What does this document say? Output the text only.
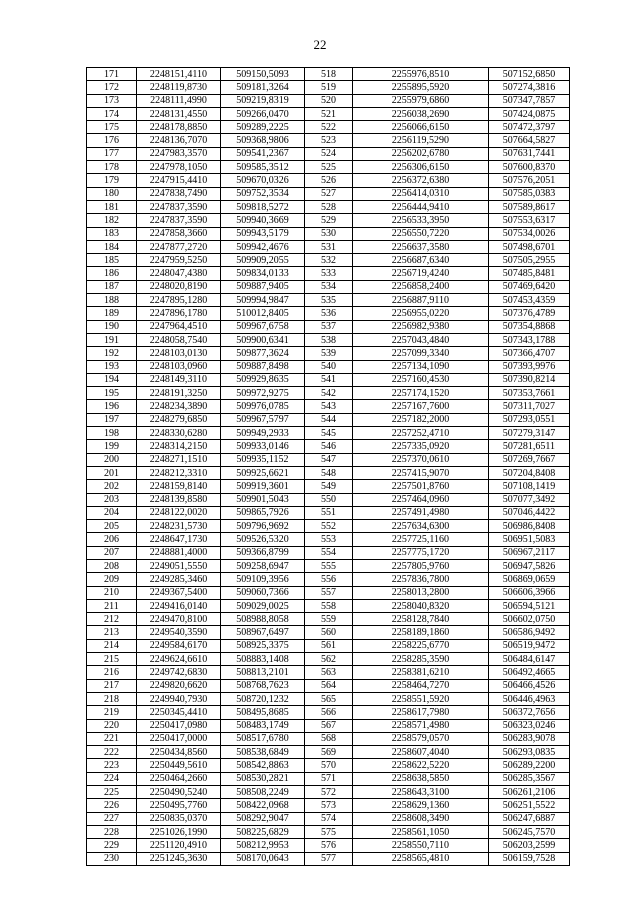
22
171	2248151,4110	509150,5093	518	2255976,8510	507152,6850
172	2248119,8730	509181,3264	519	2255895,5920	507274,3816
173	2248111,4990	509219,8319	520	2255979,6860	507347,7857
174	2248131,4550	509266,0470	521	2256038,2690	507424,0875
175	2248178,8850	509289,2225	522	2256066,6150	507472,3797
176	2248136,7070	509368,9806	523	2256119,5290	507664,5827
177	2247983,3570	509541,2367	524	2256202,6780	507631,7441
178	2247978,1050	509585,3512	525	2256306,6150	507600,8370
179	2247915,4410	509670,0326	526	2256372,6380	507576,2051
180	2247838,7490	509752,3534	527	2256414,0310	507585,0383
181	2247837,3590	509818,5272	528	2256444,9410	507589,8617
182	2247837,3590	509940,3669	529	2256533,3950	507553,6317
183	2247858,3660	509943,5179	530	2256550,7220	507534,0026
184	2247877,2720	509942,4676	531	2256637,3580	507498,6701
185	2247959,5250	509909,2055	532	2256687,6340	507505,2955
186	2248047,4380	509834,0133	533	2256719,4240	507485,8481
187	2248020,8190	509887,9405	534	2256858,2400	507469,6420
188	2247895,1280	509994,9847	535	2256887,9110	507453,4359
189	2247896,1780	510012,8405	536	2256955,0220	507376,4789
190	2247964,4510	509967,6758	537	2256982,9380	507354,8868
191	2248058,7540	509900,6341	538	2257043,4840	507343,1788
192	2248103,0130	509877,3624	539	2257099,3340	507366,4707
193	2248103,0960	509887,8498	540	2257134,1090	507393,9976
194	2248149,3110	509929,8635	541	2257160,4530	507390,8214
195	2248191,3250	509972,9275	542	2257174,1520	507353,7661
196	2248234,3890	509976,0785	543	2257167,7600	507311,7027
197	2248279,6850	509967,5797	544	2257182,2000	507293,0551
198	2248330,6280	509949,2933	545	2257252,4710	507279,3147
199	2248314,2150	509933,0146	546	2257335,0920	507281,6511
200	2248271,1510	509935,1152	547	2257370,0610	507269,7667
201	2248212,3310	509925,6621	548	2257415,9070	507204,8408
202	2248159,8140	509919,3601	549	2257501,8760	507108,1419
203	2248139,8580	509901,5043	550	2257464,0960	507077,3492
204	2248122,0020	509865,7926	551	2257491,4980	507046,4422
205	2248231,5730	509796,9692	552	2257634,6300	506986,8408
206	2248647,1730	509526,5320	553	2257725,1160	506951,5083
207	2248881,4000	509366,8799	554	2257775,1720	506967,2117
208	2249051,5550	509258,6947	555	2257805,9760	506947,5826
209	2249285,3460	509109,3956	556	2257836,7800	506869,0659
210	2249367,5400	509060,7366	557	2258013,2800	506606,3966
211	2249416,0140	509029,0025	558	2258040,8320	506594,5121
212	2249470,8100	508988,8058	559	2258128,7840	506602,0750
213	2249540,3590	508967,6497	560	2258189,1860	506586,9492
214	2249584,6170	508925,3375	561	2258225,6770	506519,9472
215	2249624,6610	508883,1408	562	2258285,3590	506484,6147
216	2249742,6830	508813,2101	563	2258381,6210	506492,4665
217	2249820,6620	508768,7623	564	2258464,7270	506466,4526
218	2249940,7930	508720,1232	565	2258551,5920	506446,4963
219	2250345,4410	508495,8685	566	2258617,7980	506372,7656
220	2250417,0980	508483,1749	567	2258571,4980	506323,0246
221	2250417,0000	508517,6780	568	2258579,0570	506283,9078
222	2250434,8560	508538,6849	569	2258607,4040	506293,0835
223	2250449,5610	508542,8863	570	2258622,5220	506289,2200
224	2250464,2660	508530,2821	571	2258638,5850	506285,3567
225	2250490,5240	508508,2249	572	2258643,3100	506261,2106
226	2250495,7760	508422,0968	573	2258629,1360	506251,5522
227	2250835,0370	508292,9047	574	2258608,3490	506247,6887
228	2251026,1990	508225,6829	575	2258561,1050	506245,7570
229	2251120,4910	508212,9953	576	2258550,7110	506203,2599
230	2251245,3630	508170,0643	577	2258565,4810	506159,7528
